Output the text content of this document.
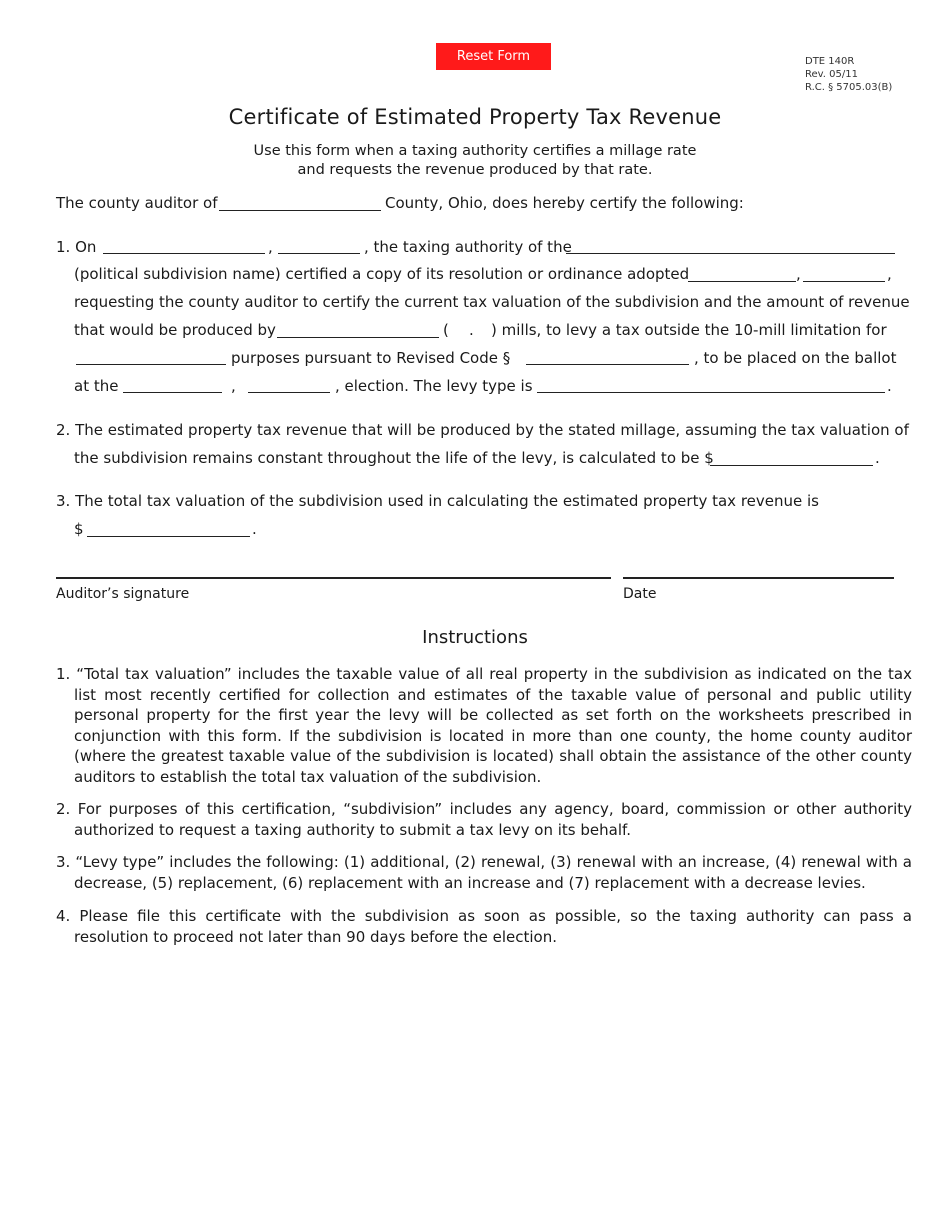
Reset Form	DTE 140R
Rev. 05/11
R.C. § 5705.03(B)
Certificate of Estimated Property Tax Revenue
Use this form when a taxing authority certifies a millage rate
and requests the revenue produced by that rate.
The county auditor of	County, Ohio, does hereby certify the following:
1. On	,	, the taxing authority of the
(political subdivision name) certified a copy of its resolution or ordinance adopted	,	,
requesting the county auditor to certify the current tax valuation of the subdivision and the amount of revenue
that would be produced by	( . ) mills, to levy a tax outside the 10-mill limitation for
purposes pursuant to Revised Code §	, to be placed on the ballot
at the	,	, election. The levy type is	.
2. The estimated property tax revenue that will be produced by the stated millage, assuming the tax valuation of
the subdivision remains constant throughout the life of the levy, is calculated to be $	.
3. The total tax valuation of the subdivision used in calculating the estimated property tax revenue is
$	.
Auditor’s signature	Date
Instructions
1. “Total tax valuation” includes the taxable value of all real property in the subdivision as indicated on the tax list most recently certified for collection and estimates of the taxable value of personal and public utility personal property for the first year the levy will be collected as set forth on the worksheets prescribed in conjunction with this form. If the subdivision is located in more than one county, the home county auditor (where the greatest taxable value of the subdivision is located) shall obtain the assistance of the other county auditors to establish the total tax valuation of the subdivision.
2. For purposes of this certification, “subdivision” includes any agency, board, commission or other authority authorized to request a taxing authority to submit a tax levy on its behalf.
3. “Levy type” includes the following: (1) additional, (2) renewal, (3) renewal with an increase, (4) renewal with a decrease, (5) replacement, (6) replacement with an increase and (7) replacement with a decrease levies.
4. Please file this certificate with the subdivision as soon as possible, so the taxing authority can pass a resolution to proceed not later than 90 days before the election.
